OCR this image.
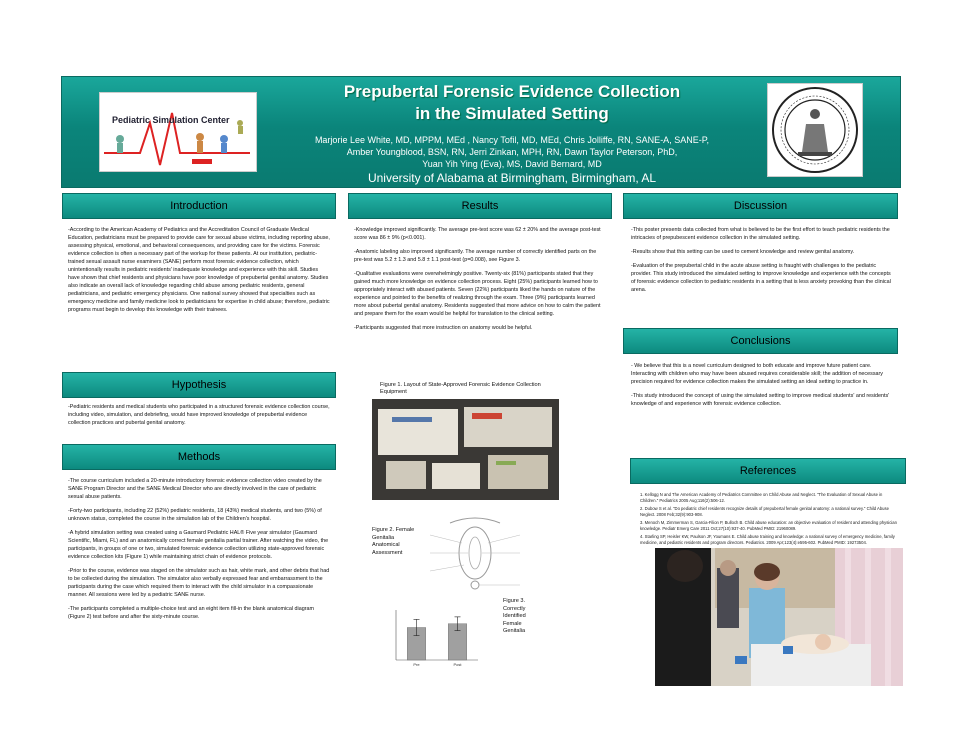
Pediatric Simulation Center
Prepubertal Forensic Evidence Collection
in the Simulated Setting
Marjorie Lee White, MD, MPPM, MEd , Nancy Tofil, MD, MEd, Chris Jolliffe, RN, SANE-A, SANE-P,
Amber Youngblood, BSN, RN, Jerri Zinkan, MPH, RN, Dawn Taylor Peterson, PhD,
Yuan Yih Ying (Eva), MS, David Bernard, MD
University of Alabama at Birmingham, Birmingham, AL
Introduction

-According to the American Academy of Pediatrics and the Accreditation Council of Graduate Medical Education, pediatricians must be prepared to provide care for sexual abuse victims, including reporting abuse, assessing physical, emotional, and behavioral consequences, and providing care for the victims. Forensic evidence collection is often a necessary part of the workup for these patients. At our institution, pediatric-trained sexual assault nurse examiners (SANE) perform most forensic evidence collection, which unintentionally results in pediatric residents' inadequate knowledge and experience with this skill. Studies have shown that chief residents and physicians have poor knowledge of prepubertal genital anatomy. Studies also indicate an overall lack of knowledge regarding child abuse among pediatric residents, general pediatricians, and pediatric emergency physicians. One national survey showed that specialties such as emergency medicine and family medicine look to pediatricians for expertise in child abuse; therefore, pediatric programs must begin to develop this knowledge with their trainees.

Hypothesis

-Pediatric residents and medical students who participated in a structured forensic evidence collection course, including video, simulation, and debriefing, would have improved knowledge of prepubertal evidence collection practices and pubertal genital anatomy.

Methods

-The course curriculum included a 20-minute introductory forensic evidence collection video created by the SANE Program Director and the SANE Medical Director who are directly involved in the care of pediatric sexual abuse patients.

-Forty-two participants, including 22 (52%) pediatric residents, 18 (43%) medical students, and two (5%) of unknown status, completed the course in the simulation lab of the Children's hospital.

-A hybrid simulation setting was created using a Gaumard Pediatric HAL® Five year simulator (Gaumard Scientific, Miami, FL) and an anatomically correct female genitalia partial trainer. After watching the video, the participants, in groups of one or two, simulated forensic evidence collection utilizing state-approved forensic evidence collection kits (Figure 1) while maintaining strict chain of evidence protocols.

-Prior to the course, evidence was staged on the simulator such as hair, white mark, and other debris that had to be collected during the simulation. The simulator also verbally expressed fear and embarrassment to the participants during the case which required them to interact with the child simulator in a compassionate manner. All sessions were led by a pediatric SANE nurse.

-The participants completed a multiple-choice test and an eight item fill-in the blank anatomical diagram (Figure 2) test before and after the sixty-minute course.

Results

-Knowledge improved significantly. The average pre-test score was 62 ± 20% and the average post-test score was 86 ± 9% (p<0.001).

-Anatomic labeling also improved significantly. The average number of correctly identified parts on the pre-test was 5.2 ± 1.3 and 5.8 ± 1.1 post-test (p=0.008), see Figure 3.

-Qualitative evaluations were overwhelmingly positive. Twenty-six (81%) participants stated that they gained much more knowledge on evidence collection process. Eight (25%) participants learned how to appropriately interact with abused patients. Seven (22%) participants liked the hands on nature of the experience and pointed to the benefits of realizing through the exam. Three (9%) participants learned more about pubertal genital anatomy. Residents suggested that more advice on how to calm the patient and prepare them for the exam would be helpful for translation to the clinical setting.

-Participants suggested that more instruction on anatomy would be helpful.

Figure 1. Layout of State-Approved Forensic Evidence Collection Equipment
Figure 2. Female Genitalia Anatomical Assessment
Pre	Post
Figure 3. Correctly Identified Female Genitalia
Discussion

-This poster presents data collected from what is believed to be the first effort to teach pediatric residents the intricacies of prepubescent evidence collection in the simulated setting.

-Results show that this setting can be used to cement knowledge and review genital anatomy.

-Evaluation of the prepubertal child in the acute abuse setting is fraught with challenges to the pediatric provider. This study introduced the simulated setting to improve knowledge and experience with the concepts of forensic evidence collection to pediatric residents in a setting that is less anxiety provoking than the clinical arena.

Conclusions

- We believe that this is a novel curriculum designed to both educate and improve future patient care. Interacting with children who may have been abused requires considerable skill; the addition of necessary precision required for evidence collection makes the simulated setting an ideal setting to practice in.

-This study introduced the concept of using the simulated setting to improve medical students' and residents' knowledge of and experience with forensic evidence collection.

References

1. Kellogg N and The American Academy of Pediatrics Committee on Child Abuse and Neglect. "The Evaluation of Sexual Abuse in Children." Pediatrics 2005 Aug;116(2):506-12.

2. Dubow S et al. "Do pediatric chief residents recognize details of prepubertal female genital anatomy: a national survey." Child Abuse Neglect. 2008 Feb;32(9):903-908.

3. Menoch M, Zimmerman S, Garcia-Filion P, Bulloch B. Child abuse education: an objective evaluation of resident and attending physician knowledge. Pediatr Emerg Care 2011 Oct;27(10):937-40. PubMed PMID: 21960089.

4. Starling SP, Heisler KW, Paulson JF, Youmans E. Child abuse training and knowledge: a national survey of emergency medicine, family medicine, and pediatric residents and program directors. Pediatrics. 2009 Apr;123(4):e595-602. PubMed PMID: 19273504.
